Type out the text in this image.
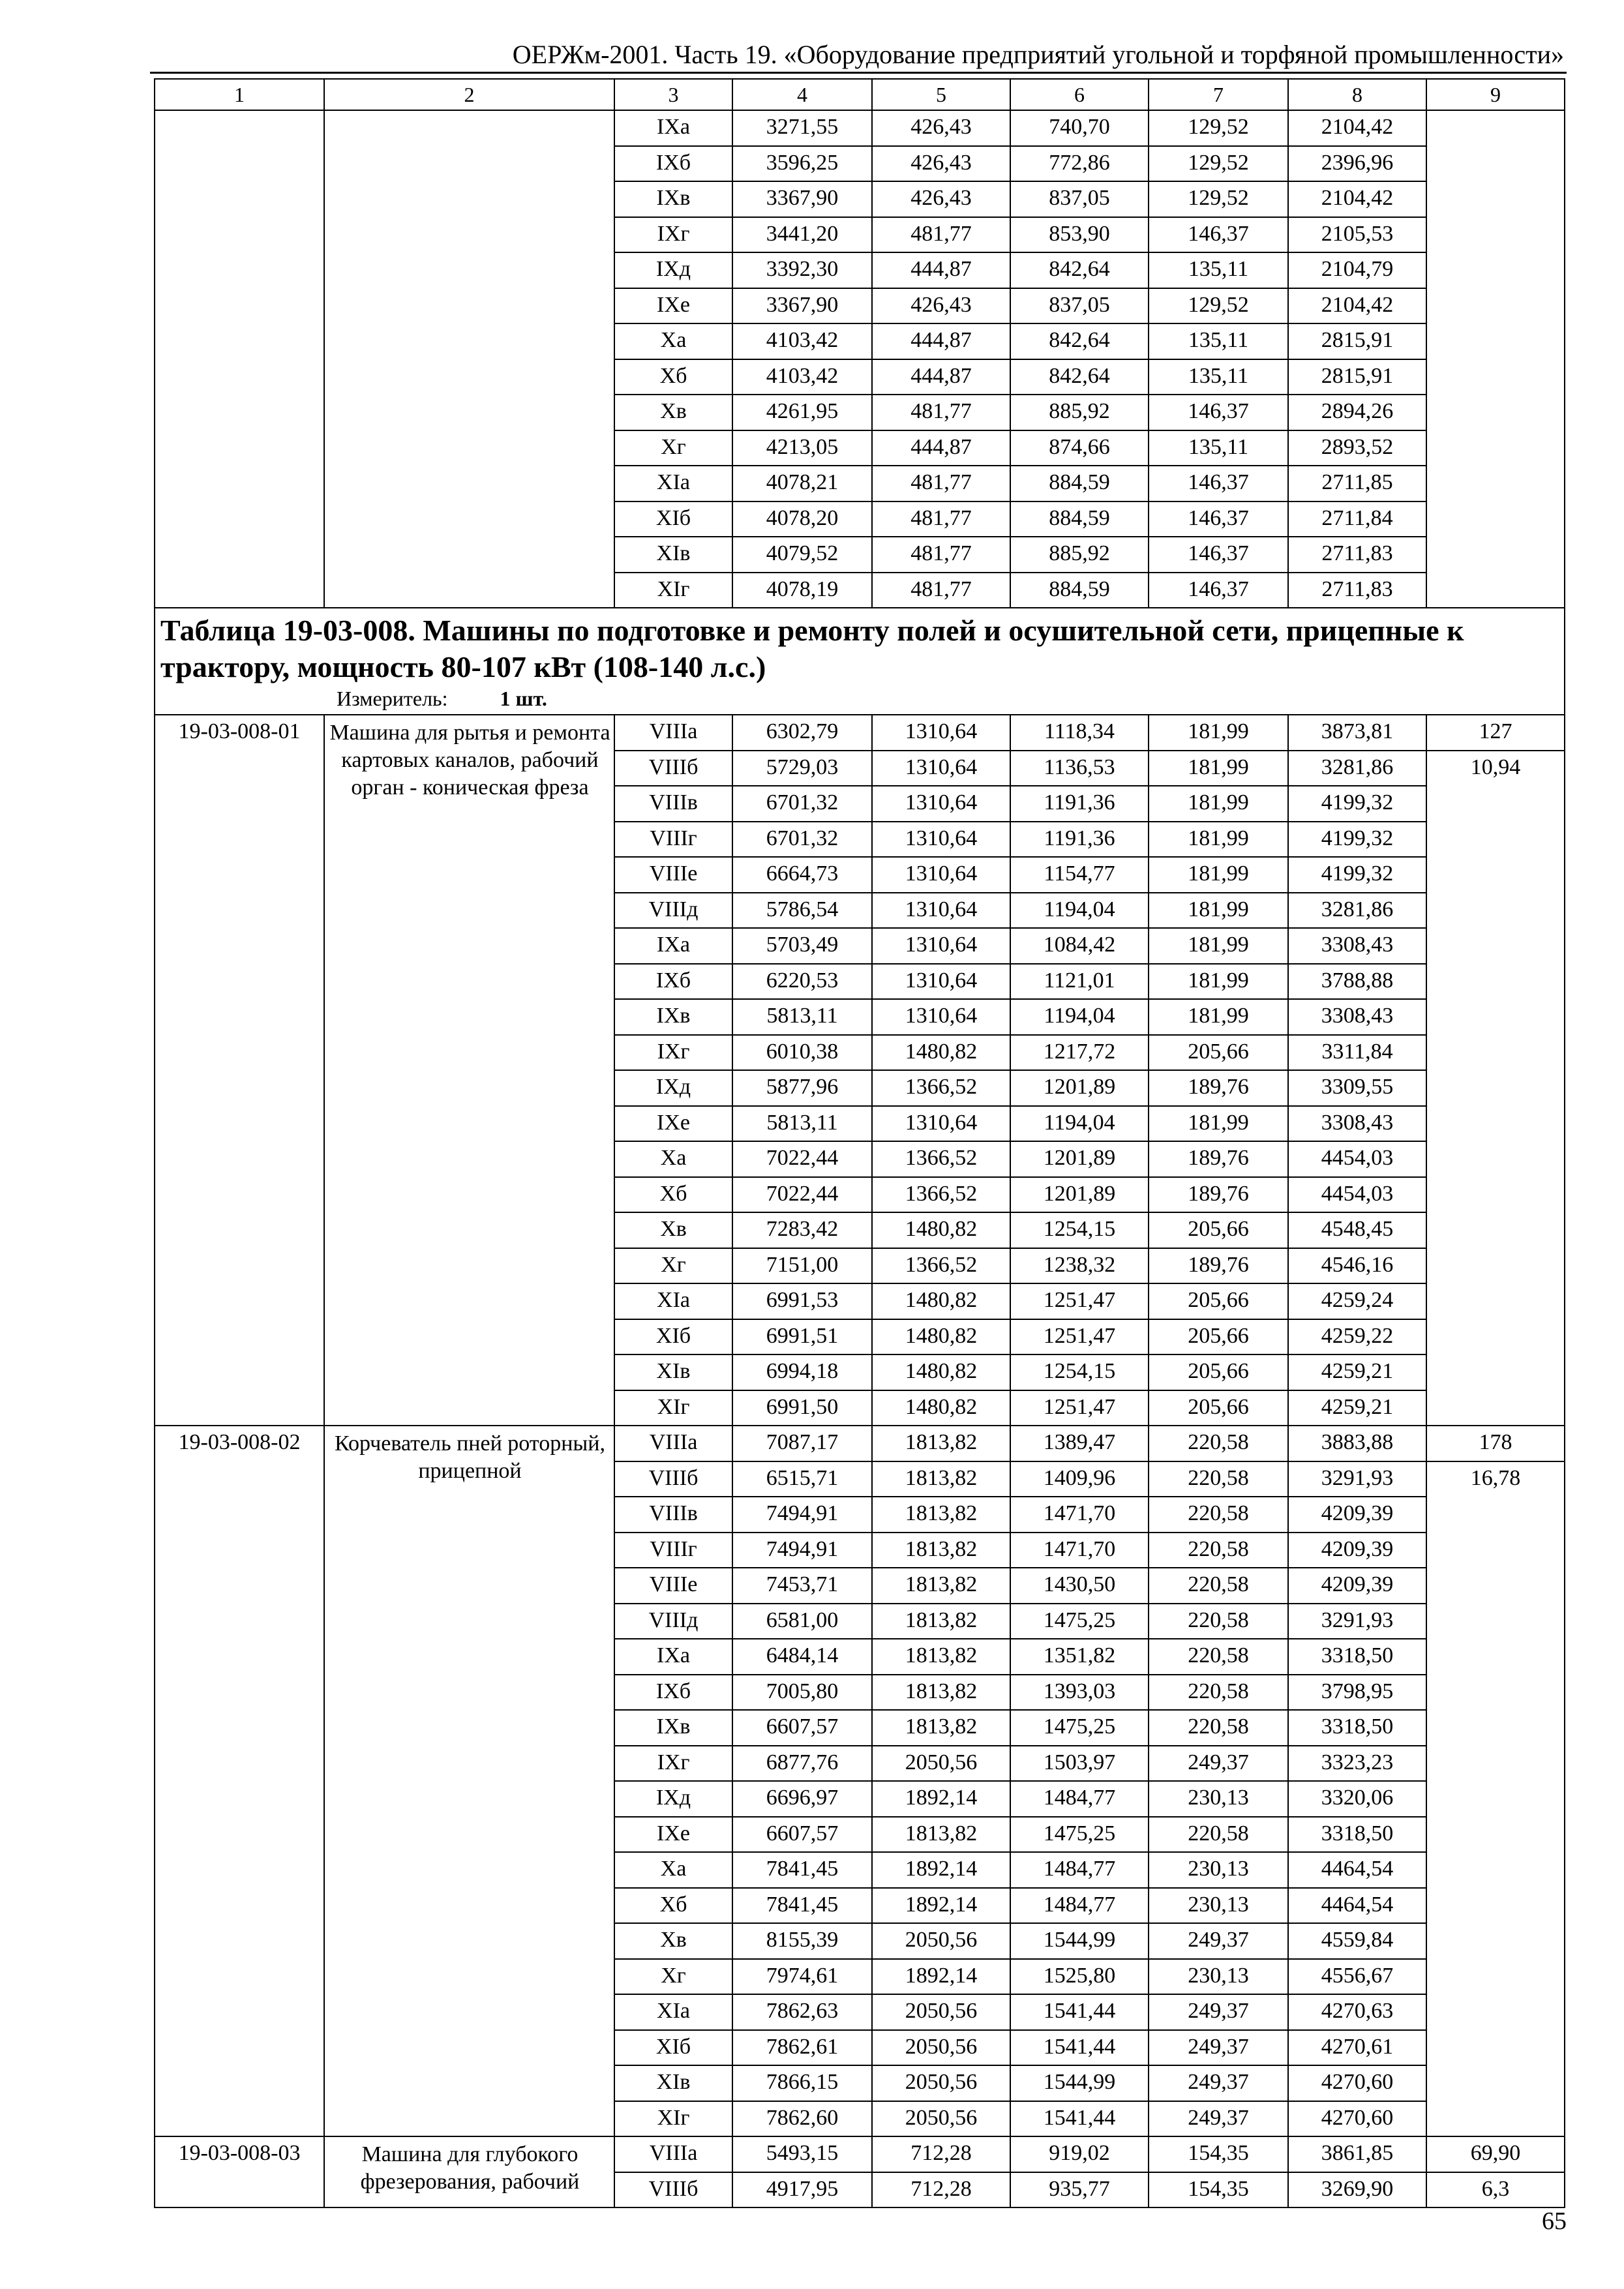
ОЕРЖм-2001. Часть 19. «Оборудование предприятий угольной и торфяной промышленности»
1	2	3	4	5	6	7	8	9
		IXа	3271,55	426,43	740,70	129,52	2104,42	
		IXб	3596,25	426,43	772,86	129,52	2396,96	
		IXв	3367,90	426,43	837,05	129,52	2104,42	
		IXг	3441,20	481,77	853,90	146,37	2105,53	
		IXд	3392,30	444,87	842,64	135,11	2104,79	
		IXе	3367,90	426,43	837,05	129,52	2104,42	
		Xа	4103,42	444,87	842,64	135,11	2815,91	
		Xб	4103,42	444,87	842,64	135,11	2815,91	
		Xв	4261,95	481,77	885,92	146,37	2894,26	
		Xг	4213,05	444,87	874,66	135,11	2893,52	
		XIа	4078,21	481,77	884,59	146,37	2711,85	
		XIб	4078,20	481,77	884,59	146,37	2711,84	
		XIв	4079,52	481,77	885,92	146,37	2711,83	
		XIг	4078,19	481,77	884,59	146,37	2711,83	

Таблица 19-03-008. Машины по подготовке и ремонту полей и осушительной сети, прицепные к трактору, мощность 80-107 кВт (108-140 л.с.)
Измеритель: 1 шт.								

19-03-008-01	Машина для рытья и ремонта картовых каналов, рабочий орган - коническая фреза	VIIIа	6302,79	1310,64	1118,34	181,99	3873,81	127
		VIIIб	5729,03	1310,64	1136,53	181,99	3281,86	10,94
		VIIIв	6701,32	1310,64	1191,36	181,99	4199,32	
		VIIIг	6701,32	1310,64	1191,36	181,99	4199,32	
		VIIIе	6664,73	1310,64	1154,77	181,99	4199,32	
		VIIIд	5786,54	1310,64	1194,04	181,99	3281,86	
		IXа	5703,49	1310,64	1084,42	181,99	3308,43	
		IXб	6220,53	1310,64	1121,01	181,99	3788,88	
		IXв	5813,11	1310,64	1194,04	181,99	3308,43	
		IXг	6010,38	1480,82	1217,72	205,66	3311,84	
		IXд	5877,96	1366,52	1201,89	189,76	3309,55	
		IXе	5813,11	1310,64	1194,04	181,99	3308,43	
		Xа	7022,44	1366,52	1201,89	189,76	4454,03	
		Xб	7022,44	1366,52	1201,89	189,76	4454,03	
		Xв	7283,42	1480,82	1254,15	205,66	4548,45	
		Xг	7151,00	1366,52	1238,32	189,76	4546,16	
		XIа	6991,53	1480,82	1251,47	205,66	4259,24	
		XIб	6991,51	1480,82	1251,47	205,66	4259,22	
		XIв	6994,18	1480,82	1254,15	205,66	4259,21	
		XIг	6991,50	1480,82	1251,47	205,66	4259,21	
19-03-008-02	Корчеватель пней роторный, прицепной	VIIIа	7087,17	1813,82	1389,47	220,58	3883,88	178
		VIIIб	6515,71	1813,82	1409,96	220,58	3291,93	16,78
		VIIIв	7494,91	1813,82	1471,70	220,58	4209,39	
		VIIIг	7494,91	1813,82	1471,70	220,58	4209,39	
		VIIIе	7453,71	1813,82	1430,50	220,58	4209,39	
		VIIIд	6581,00	1813,82	1475,25	220,58	3291,93	
		IXа	6484,14	1813,82	1351,82	220,58	3318,50	
		IXб	7005,80	1813,82	1393,03	220,58	3798,95	
		IXв	6607,57	1813,82	1475,25	220,58	3318,50	
		IXг	6877,76	2050,56	1503,97	249,37	3323,23	
		IXд	6696,97	1892,14	1484,77	230,13	3320,06	
		IXе	6607,57	1813,82	1475,25	220,58	3318,50	
		Xа	7841,45	1892,14	1484,77	230,13	4464,54	
		Xб	7841,45	1892,14	1484,77	230,13	4464,54	
		Xв	8155,39	2050,56	1544,99	249,37	4559,84	
		Xг	7974,61	1892,14	1525,80	230,13	4556,67	
		XIа	7862,63	2050,56	1541,44	249,37	4270,63	
		XIб	7862,61	2050,56	1541,44	249,37	4270,61	
		XIв	7866,15	2050,56	1544,99	249,37	4270,60	
		XIг	7862,60	2050,56	1541,44	249,37	4270,60	
19-03-008-03	Машина для глубокого фрезерования, рабочий	VIIIа	5493,15	712,28	919,02	154,35	3861,85	69,90
		VIIIб	4917,95	712,28	935,77	154,35	3269,90	6,3
65
